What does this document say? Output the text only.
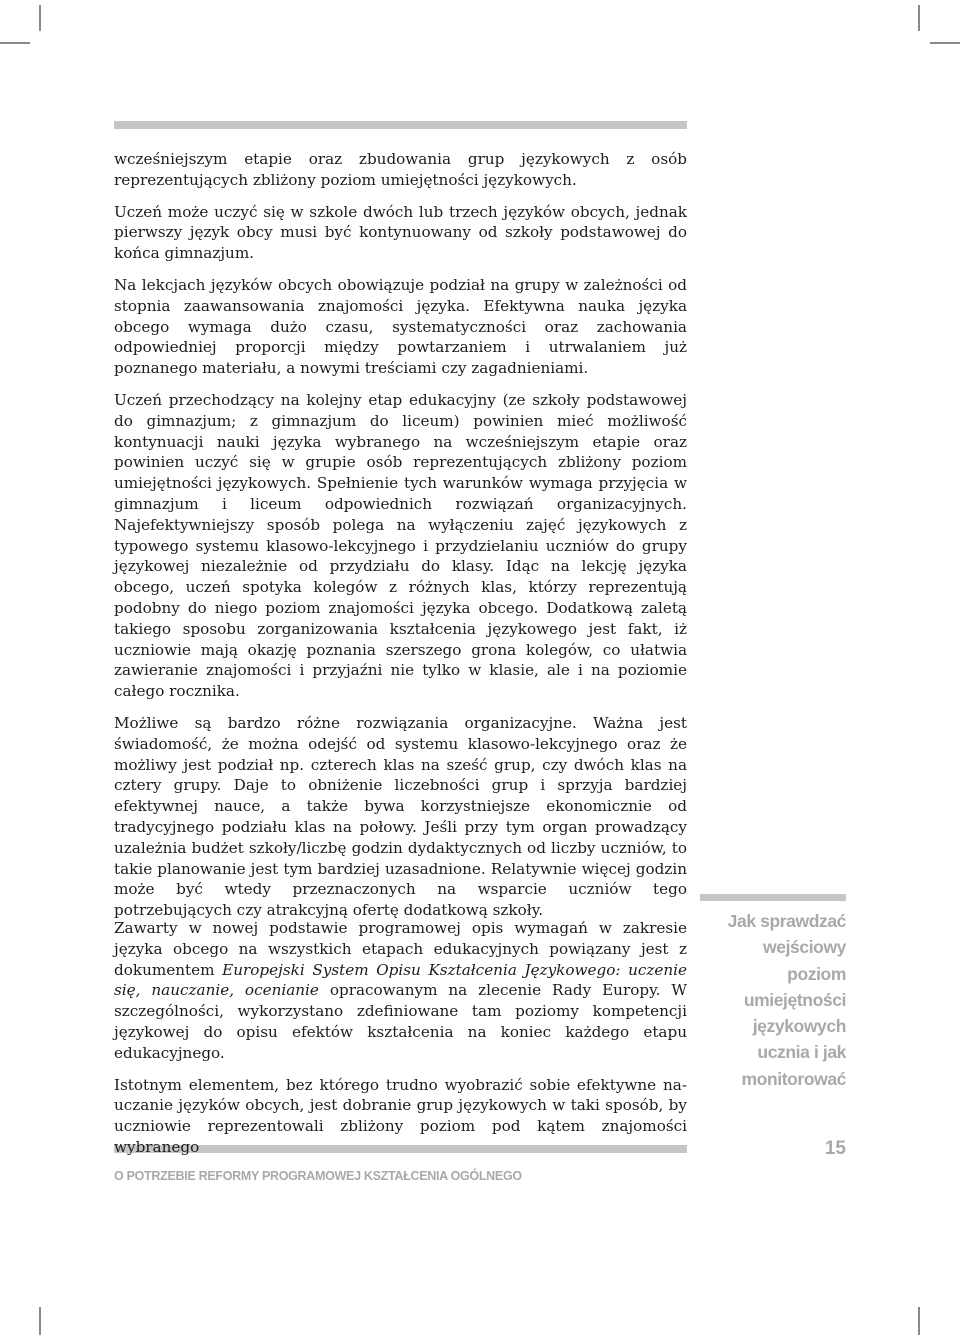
wcześniejszym etapie oraz zbudowania grup językowych z osób reprezentujących zbliżony poziom umiejętności językowych.

Uczeń może uczyć się w szkole dwóch lub trzech języków obcych, jednak pierwszy język obcy musi być kontynuowany od szkoły podstawowej do końca gimnazjum.

Na lekcjach języków obcych obowiązuje podział na grupy w zależności od stopnia zaawansowania znajomości języka. Efektywna nauka języka obcego wymaga dużo czasu, systematyczności oraz zachowania odpowiedniej proporcji między powtarzaniem i utrwalaniem już poznanego materiału, a nowymi treściami czy zagadnieniami.

Uczeń przechodzący na kolejny etap edukacyjny (ze szkoły podstawowej do gimnazjum; z gimnazjum do liceum) powinien mieć możliwość kontynuacji nauki języka wybranego na wcześniejszym etapie oraz powinien uczyć się w grupie osób reprezentujących zbliżony poziom umiejętności językowych. Spełnienie tych warunków wymaga przyjęcia w gimnazjum i liceum odpowiednich rozwiązań organizacyjnych. Najefektywniejszy sposób polega na wyłączeniu zajęć językowych z typowego systemu klasowo-lekcyjnego i przydzielaniu uczniów do grupy językowej niezależnie od przydziału do klasy. Idąc na lekcję języka obcego, uczeń spotyka kolegów z różnych klas, którzy reprezentują podobny do niego poziom znajomości języka obcego. Dodatkową zaletą takiego sposobu zorganizowania kształcenia językowego jest fakt, iż uczniowie mają okazję poznania szerszego grona kolegów, co ułatwia zawieranie znajomości i przyjaźni nie tylko w klasie, ale i na poziomie całego rocznika.

Możliwe są bardzo różne rozwiązania organizacyjne. Ważna jest świadomość, że można odejść od systemu klasowo-lekcyjnego oraz że możliwy jest podział np. czterech klas na sześć grup, czy dwóch klas na cztery grupy. Daje to obniżenie liczebności grup i sprzyja bardziej efektywnej nauce, a także bywa korzystniejsze ekonomicznie od tradycyjnego podziału klas na połowy. Jeśli przy tym organ prowadzący uzależnia budżet szkoły/liczbę godzin dydaktycznych od liczby uczniów, to takie planowanie jest tym bardziej uzasadnione. Relatywnie więcej godzin może być wtedy przeznaczonych na wsparcie uczniów tego potrzebujących czy atrakcyjną ofertę dodatkową szkoły.

Zawarty w nowej podstawie programowej opis wymagań w zakresie języka obcego na wszystkich etapach edukacyjnych powiązany jest z dokumentem Europejski System Opisu Kształcenia Językowego: uczenie się, nauczanie, ocenianie opracowanym na zlecenie Rady Europy. W szczególności, wykorzystano zdefiniowane tam poziomy kompetencji językowej do opisu efektów kształcenia na koniec każdego etapu edukacyjnego.

Istotnym elementem, bez którego trudno wyobrazić sobie efektywne nauczanie języków obcych, jest dobranie grup językowych w taki sposób, by uczniowie reprezentowali zbliżony poziom pod kątem znajomości wybranego

Jak sprawdzać
wejściowy
poziom
umiejętności
językowych
ucznia i jak
monitorować
O POTRZEBIE REFORMY PROGRAMOWEJ KSZTAŁCENIA OGÓLNEGO
15
